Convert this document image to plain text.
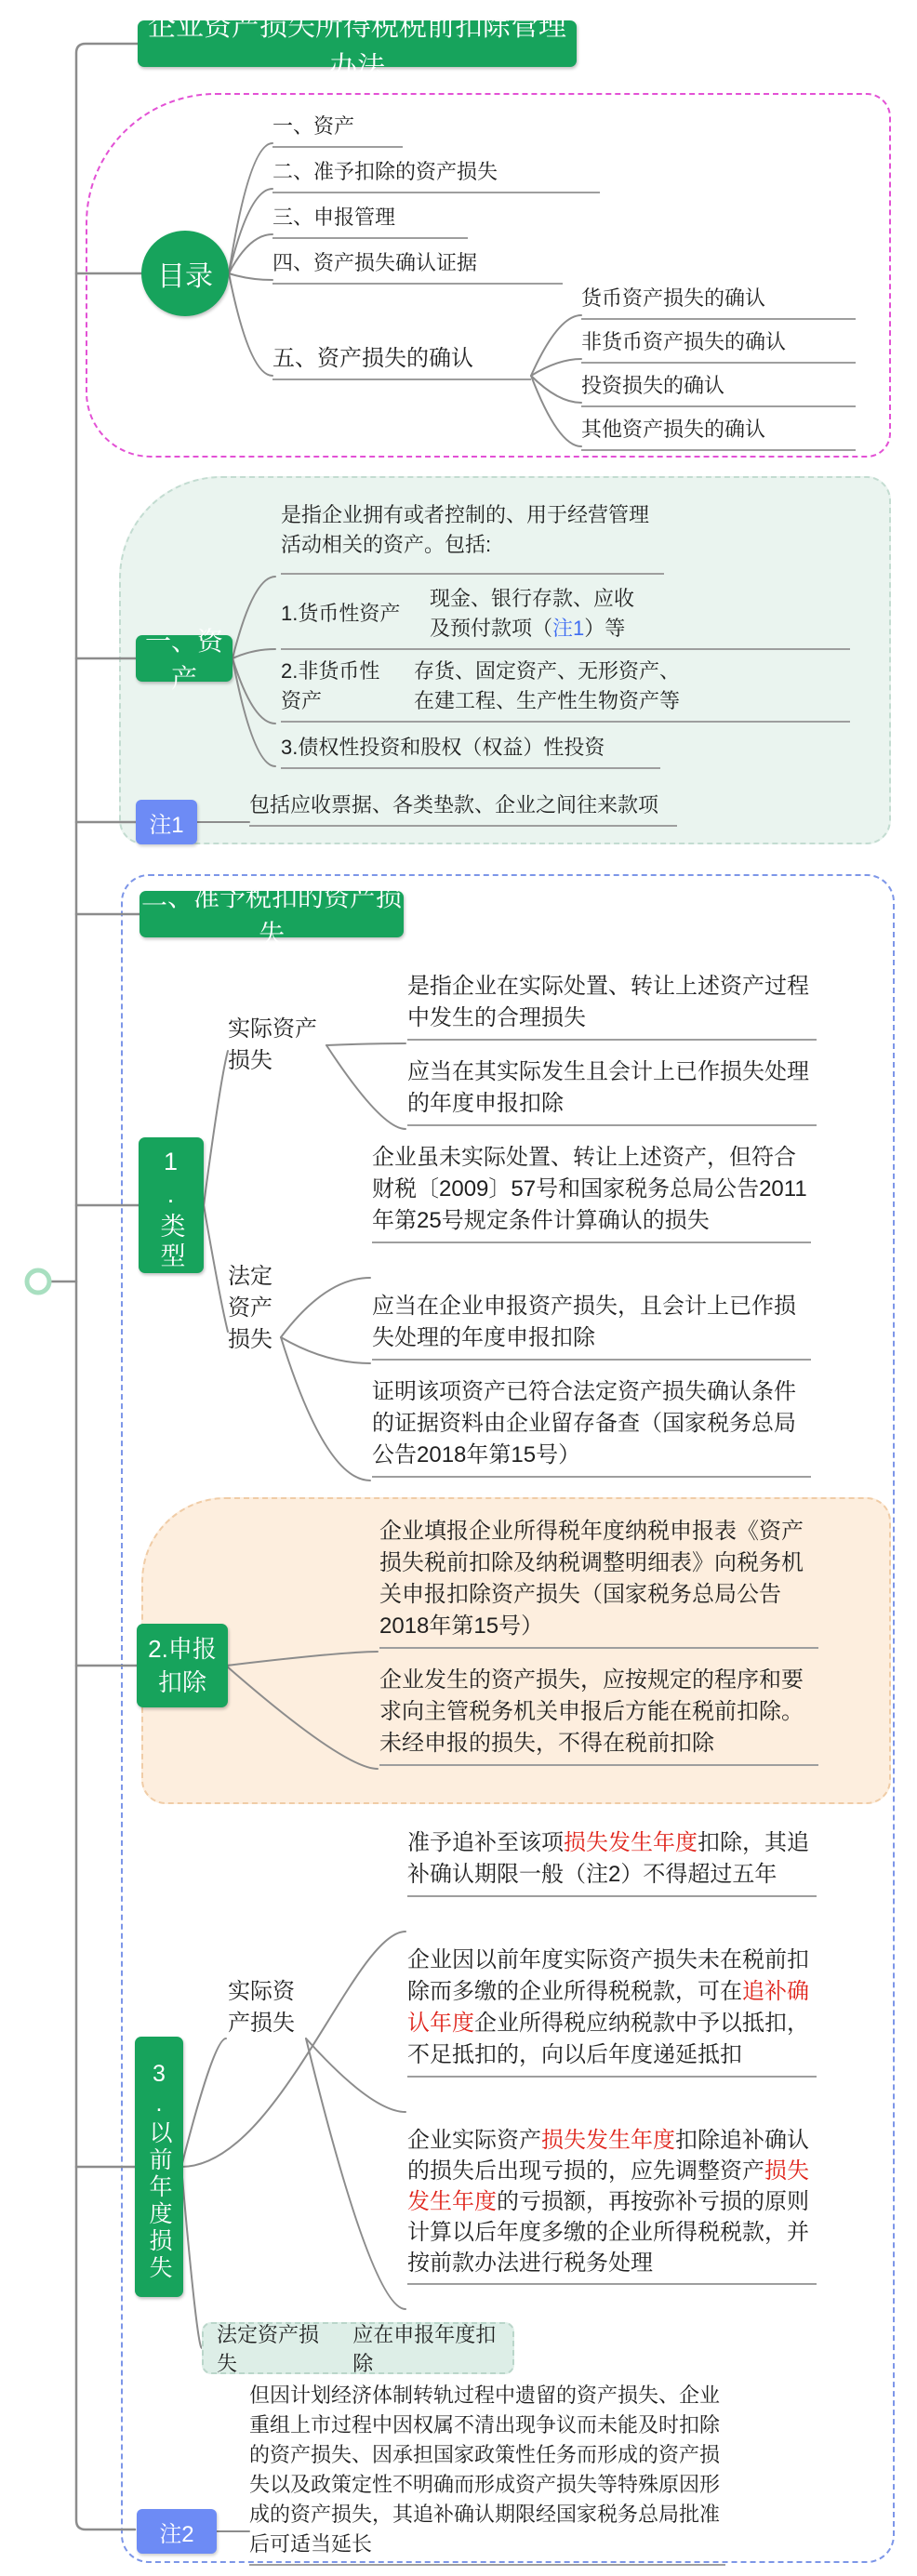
企业资产损失所得税税前扣除管理办法
目录
一、资产
二、准予扣除的资产损失
三、申报管理
四、资产损失确认证据
五、资产损失的确认
货币资产损失的确认
非货币资产损失的确认
投资损失的确认
其他资产损失的确认
一、资产
是指企业拥有或者控制的、用于经营管理活动相关的资产。包括:
1.货币性资产
现金、银行存款、应收及预付款项（注1）等
2.非货币性资产
存货、固定资产、无形资产、在建工程、生产性生物资产等
3.债权性投资和股权（权益）性投资
注1
包括应收票据、各类垫款、企业之间往来款项
二、准予税扣的资产损失
1.类型
实际资产损失
是指企业在实际处置、转让上述资产过程中发生的合理损失
应当在其实际发生且会计上已作损失处理的年度申报扣除
法定资产损失
企业虽未实际处置、转让上述资产，但符合财税〔2009〕57号和国家税务总局公告2011年第25号规定条件计算确认的损失
应当在企业申报资产损失，且会计上已作损失处理的年度申报扣除
证明该项资产已符合法定资产损失确认条件的证据资料由企业留存备查（国家税务总局公告2018年第15号）
2.申报扣除
企业填报企业所得税年度纳税申报表《资产损失税前扣除及纳税调整明细表》向税务机关申报扣除资产损失（国家税务总局公告2018年第15号）
企业发生的资产损失，应按规定的程序和要求向主管税务机关申报后方能在税前扣除。未经申报的损失，不得在税前扣除
3.以前年度损失
准予追补至该项损失发生年度扣除，其追补确认期限一般（注2）不得超过五年
实际资产损失
企业因以前年度实际资产损失未在税前扣除而多缴的企业所得税税款，可在追补确认年度企业所得税应纳税款中予以抵扣，不足抵扣的，向以后年度递延抵扣
企业实际资产损失发生年度扣除追补确认的损失后出现亏损的，应先调整资产损失发生年度的亏损额，再按弥补亏损的原则计算以后年度多缴的企业所得税税款，并按前款办法进行税务处理
法定资产损失
应在申报年度扣除
注2
但因计划经济体制转轨过程中遗留的资产损失、企业重组上市过程中因权属不清出现争议而未能及时扣除的资产损失、因承担国家政策性任务而形成的资产损失以及政策定性不明确而形成资产损失等特殊原因形成的资产损失，其追补确认期限经国家税务总局批准后可适当延长
